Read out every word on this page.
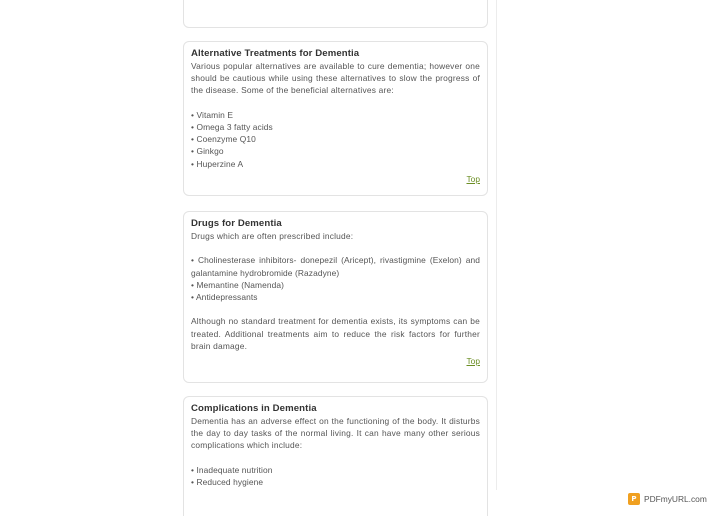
Alternative Treatments for Dementia

Various popular alternatives are available to cure dementia; however one should be cautious while using these alternatives to slow the progress of the disease. Some of the beneficial alternatives are:

• Vitamin E
• Omega 3 fatty acids
• Coenzyme Q10
• Ginkgo
• Huperzine A
Top
Drugs for Dementia

Drugs which are often prescribed include:

• Cholinesterase inhibitors- donepezil (Aricept), rivastigmine (Exelon) and galantamine hydrobromide (Razadyne)
• Memantine (Namenda)
• Antidepressants

Although no standard treatment for dementia exists, its symptoms can be treated. Additional treatments aim to reduce the risk factors for further brain damage.

Top
Complications in Dementia

Dementia has an adverse effect on the functioning of the body. It disturbs the day to day tasks of the normal living. It can have many other serious complications which include:

• Inadequate nutrition
• Reduced hygiene
P PDFmyURL.com
